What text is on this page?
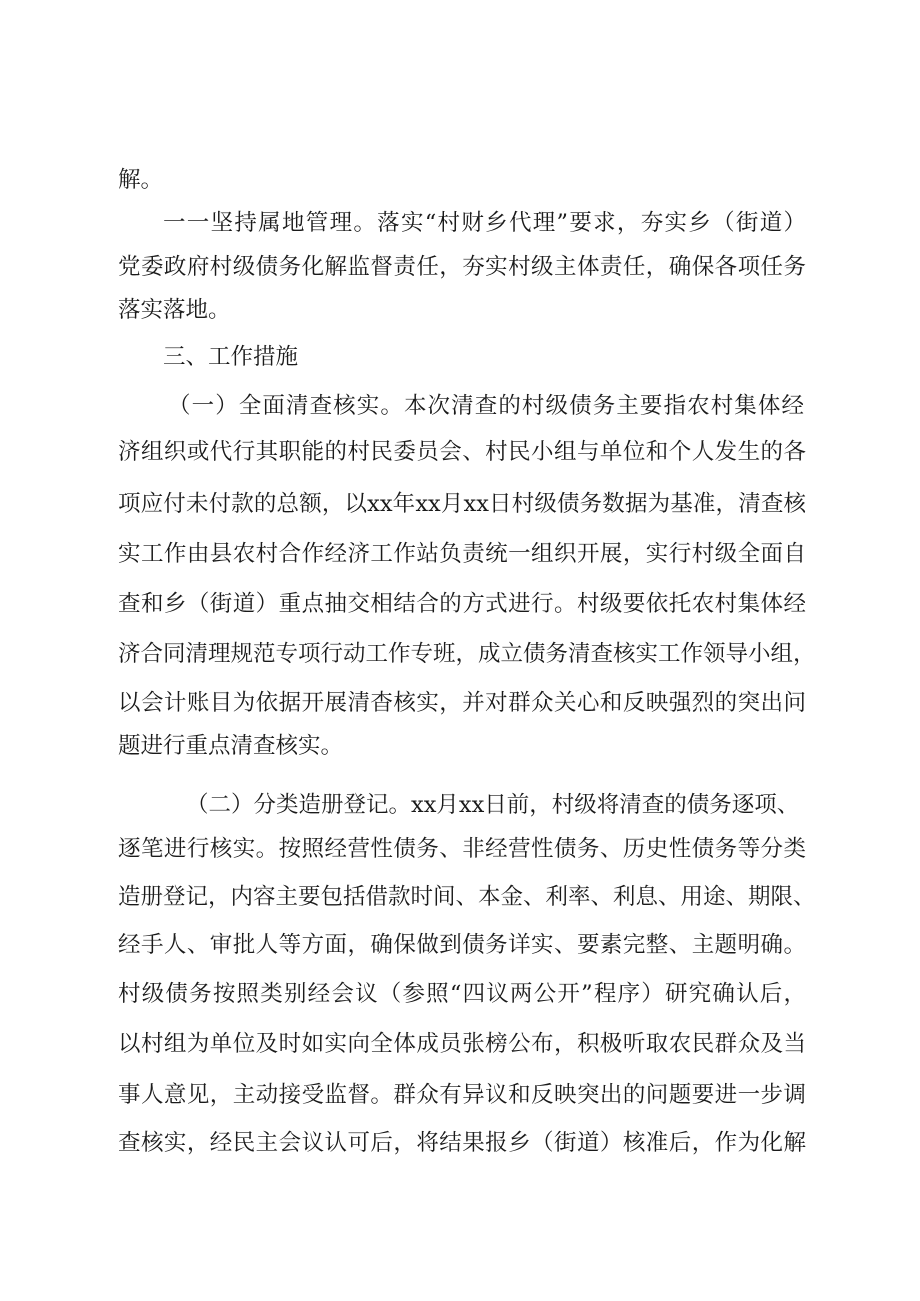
解。
一一坚持属地管理。落实“村财乡代理”要求，夯实乡（街道）
党委政府村级债务化解监督责任，夯实村级主体责任，确保各项任务
落实落地。
三、工作措施
（一）全面清查核实。本次清查的村级债务主要指农村集体经
济组织或代行其职能的村民委员会、村民小组与单位和个人发生的各
项应付未付款的总额，以xx年xx月xx日村级债务数据为基准，清查核
实工作由县农村合作经济工作站负责统一组织开展，实行村级全面自
查和乡（街道）重点抽交相结合的方式进行。村级要依托农村集体经
济合同清理规范专项行动工作专班，成立债务清查核实工作领导小组，
以会计账目为依据开展清杳核实，并对群众关心和反映强烈的突出问
题进行重点清查核实。
（二）分类造册登记。xx月xx日前，村级将清查的债务逐项、
逐笔进行核实。按照经营性债务、非经营性债务、历史性债务等分类
造册登记，内容主要包括借款时间、本金、利率、利息、用途、期限、
经手人、审批人等方面，确保做到债务详实、要素完整、主题明确。
村级债务按照类别经会议（参照“四议两公开”程序）研究确认后，
以村组为单位及时如实向全体成员张榜公布，积极听取农民群众及当
事人意见，主动接受监督。群众有异议和反映突出的问题要进一步调
查核实，经民主会议认可后，将结果报乡（街道）核准后，作为化解
